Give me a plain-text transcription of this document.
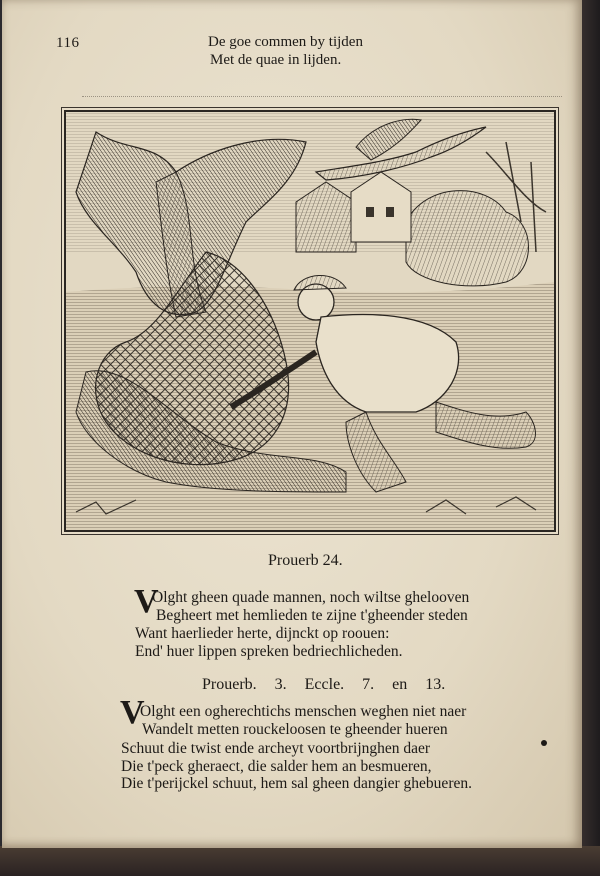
116	De goe commen by tijden
Met de quae in lijden.
Prouerb 24.
V
Olght gheen quade mannen, noch wiltse ghelooven
Begheert met hemlieden te zijne t'gheender steden
Want haerlieder herte, dijnckt op roouen:
End' huer lippen spreken bedriechlicheden.
Prouerb. 3. Eccle. 7. en 13.
V
Olght een ogherechtichs menschen weghen niet naer
Wandelt metten rouckeloosen te gheender hueren
Schuut die twist ende archeyt voortbrijnghen daer
Die t'peck gheraect, die salder hem an besmueren,
Die t'perijckel schuut, hem sal gheen dangier ghebueren.
